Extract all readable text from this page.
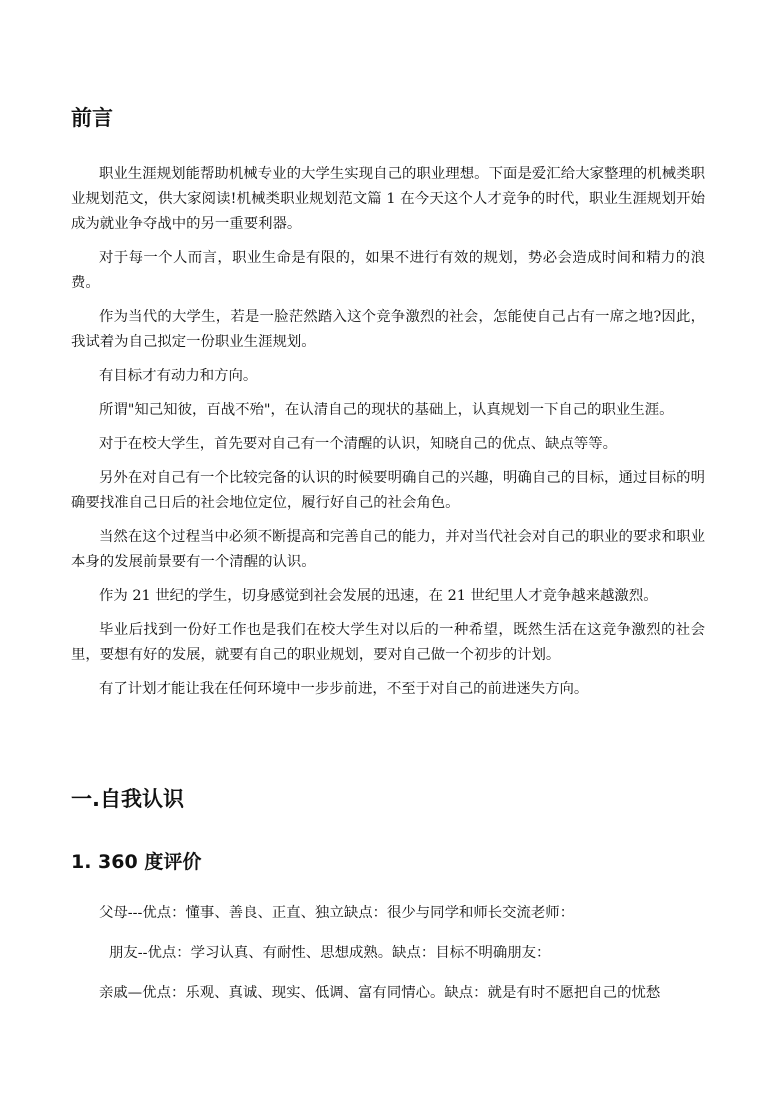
前言

职业生涯规划能帮助机械专业的大学生实现自己的职业理想。下面是爱汇给大家整理的机械类职业规划范文，供大家阅读!机械类职业规划范文篇 1 在今天这个人才竞争的时代，职业生涯规划开始成为就业争夺战中的另一重要利器。

对于每一个人而言，职业生命是有限的，如果不进行有效的规划，势必会造成时间和精力的浪费。

作为当代的大学生，若是一脸茫然踏入这个竞争激烈的社会，怎能使自己占有一席之地?因此，我试着为自己拟定一份职业生涯规划。

有目标才有动力和方向。

所谓"知己知彼，百战不殆"，在认清自己的现状的基础上，认真规划一下自己的职业生涯。

对于在校大学生，首先要对自己有一个清醒的认识，知晓自己的优点、缺点等等。

另外在对自己有一个比较完备的认识的时候要明确自己的兴趣，明确自己的目标，通过目标的明确要找准自己日后的社会地位定位，履行好自己的社会角色。

当然在这个过程当中必须不断提高和完善自己的能力，并对当代社会对自己的职业的要求和职业本身的发展前景要有一个清醒的认识。

作为 21 世纪的学生，切身感觉到社会发展的迅速，在 21 世纪里人才竞争越来越激烈。

毕业后找到一份好工作也是我们在校大学生对以后的一种希望，既然生活在这竞争激烈的社会里，要想有好的发展，就要有自己的职业规划，要对自己做一个初步的计划。

有了计划才能让我在任何环境中一步步前进，不至于对自己的前进迷失方向。

一.自我认识
1. 360 度评价

父母---优点：懂事、善良、正直、独立缺点：很少与同学和师长交流老师：

朋友--优点：学习认真、有耐性、思想成熟。缺点：目标不明确朋友：

亲戚—优点：乐观、真诚、现实、低调、富有同情心。缺点：就是有时不愿把自己的忧愁
